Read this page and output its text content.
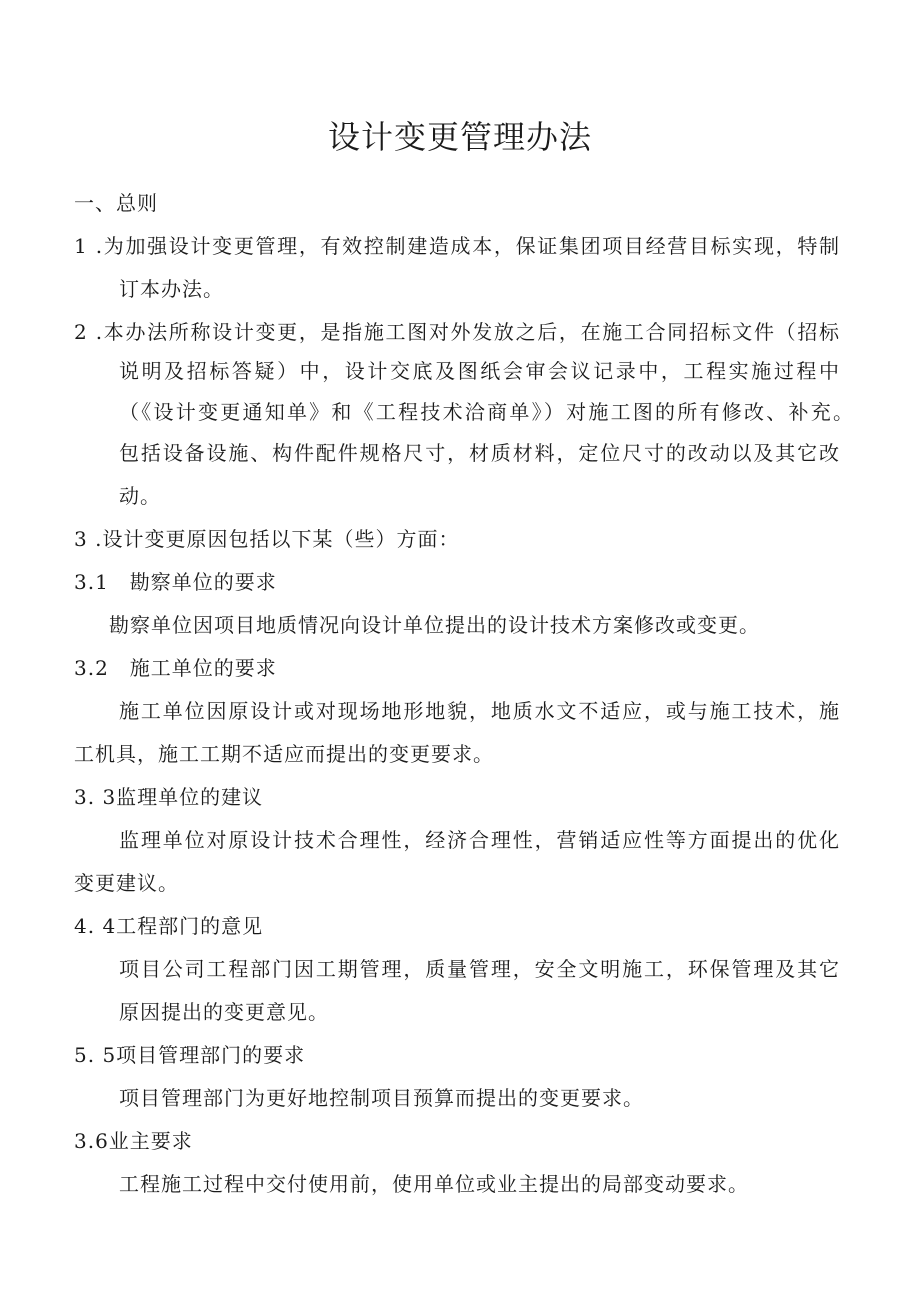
设计变更管理办法
一、总则
1 .为加强设计变更管理，有效控制建造成本，保证集团项目经营目标实现，特制
订本办法。
2 .本办法所称设计变更，是指施工图对外发放之后，在施工合同招标文件（招标
说明及招标答疑）中，设计交底及图纸会审会议记录中，工程实施过程中
（《设计变更通知单》和《工程技术洽商单》）对施工图的所有修改、补充。
包括设备设施、构件配件规格尺寸，材质材料，定位尺寸的改动以及其它改
动。
3 .设计变更原因包括以下某（些）方面：
3.1　勘察单位的要求
勘察单位因项目地质情况向设计单位提出的设计技术方案修改或变更。
3.2　施工单位的要求
施工单位因原设计或对现场地形地貌，地质水文不适应，或与施工技术，施
工机具，施工工期不适应而提出的变更要求。
3. 3监理单位的建议
监理单位对原设计技术合理性，经济合理性，营销适应性等方面提出的优化
变更建议。
4. 4工程部门的意见
项目公司工程部门因工期管理，质量管理，安全文明施工，环保管理及其它
原因提出的变更意见。
5. 5项目管理部门的要求
项目管理部门为更好地控制项目预算而提出的变更要求。
3.6业主要求
工程施工过程中交付使用前，使用单位或业主提出的局部变动要求。
